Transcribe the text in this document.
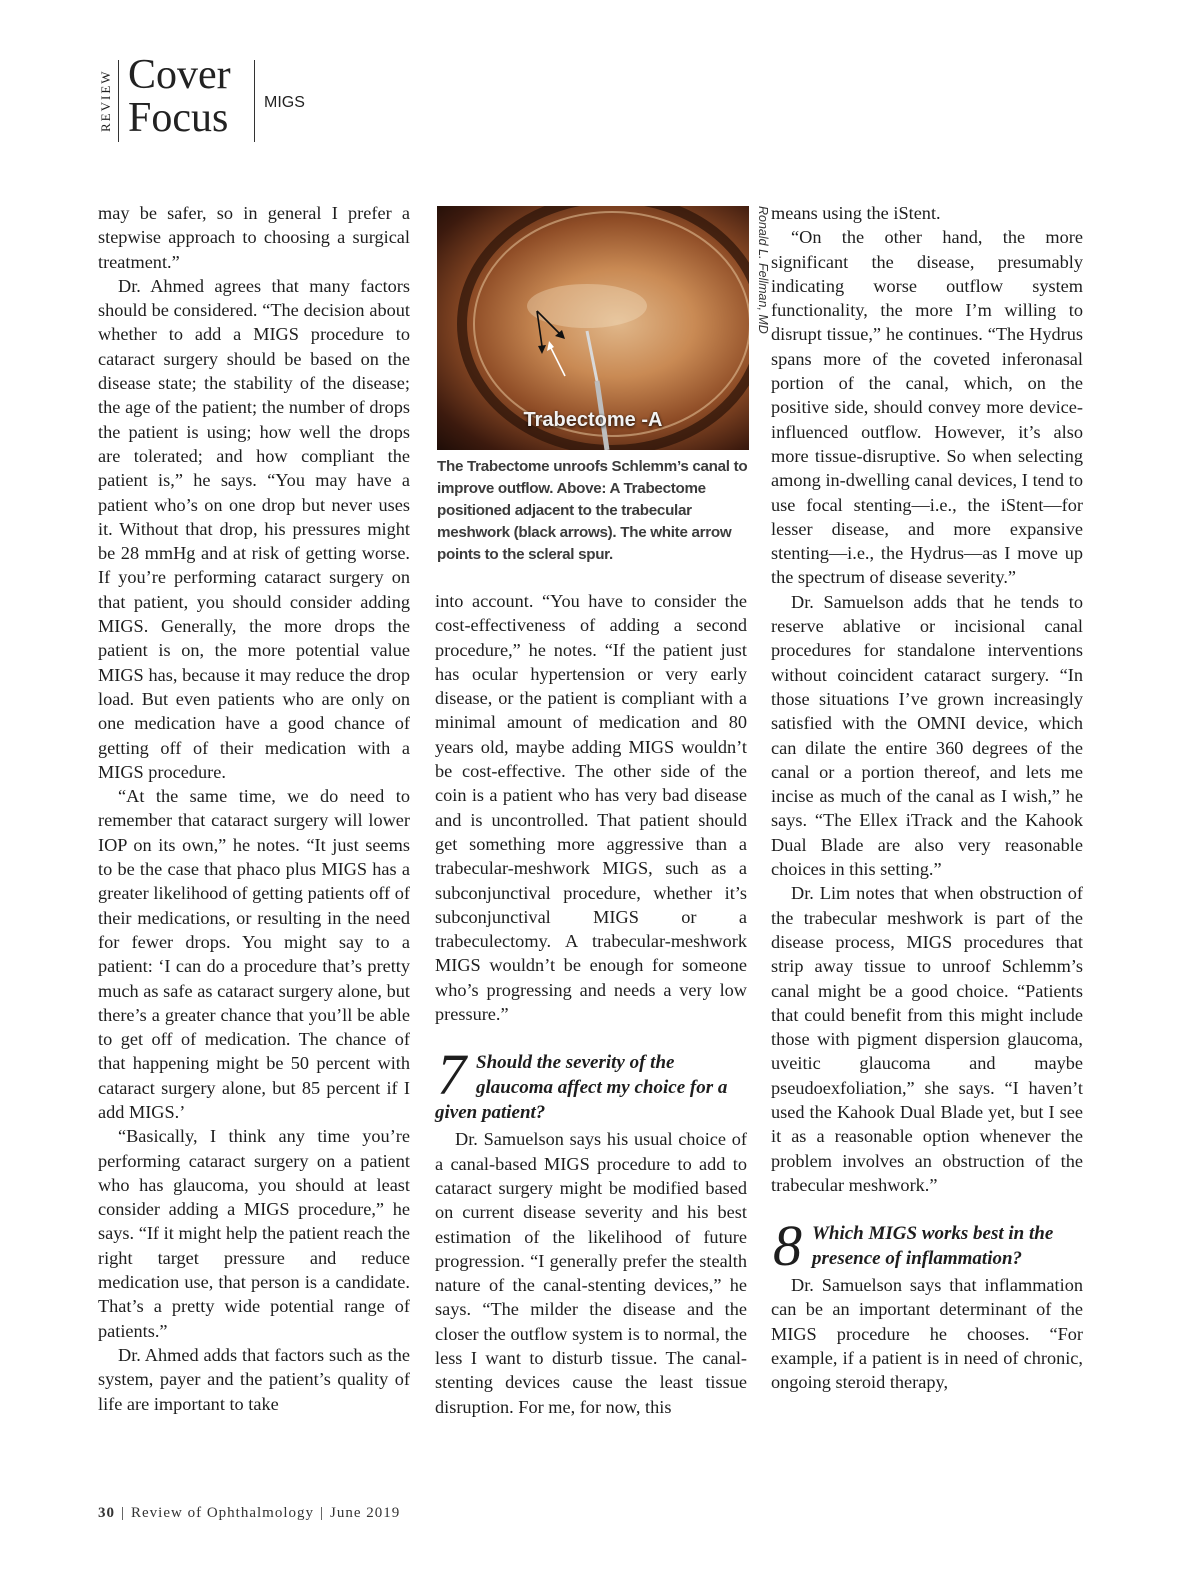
REVIEW Cover
Focus	MIGS

may be safer, so in general I prefer a stepwise approach to choosing a surgical treatment.”

Dr. Ahmed agrees that many factors should be considered. “The decision about whether to add a MIGS procedure to cataract surgery should be based on the disease state; the stability of the disease; the age of the patient; the number of drops the patient is using; how well the drops are tolerated; and how compliant the patient is,” he says. “You may have a patient who’s on one drop but never uses it. Without that drop, his pressures might be 28 mmHg and at risk of getting worse. If you’re performing cataract surgery on that patient, you should consider adding MIGS. Generally, the more drops the patient is on, the more potential value MIGS has, because it may reduce the drop load. But even patients who are only on one medication have a good chance of getting off of their medication with a MIGS procedure.

“At the same time, we do need to remember that cataract surgery will lower IOP on its own,” he notes. “It just seems to be the case that phaco plus MIGS has a greater likelihood of getting patients off of their medications, or resulting in the need for fewer drops. You might say to a patient: ‘I can do a procedure that’s pretty much as safe as cataract surgery alone, but there’s a greater chance that you’ll be able to get off of medication. The chance of that happening might be 50 percent with cataract surgery alone, but 85 percent if I add MIGS.’

“Basically, I think any time you’re performing cataract surgery on a patient who has glaucoma, you should at least consider adding a MIGS procedure,” he says. “If it might help the patient reach the right target pressure and reduce medication use, that person is a candidate. That’s a pretty wide potential range of patients.”

Dr. Ahmed adds that factors such as the system, payer and the patient’s quality of life are important to take

Trabectome -A
The Trabectome unroofs Schlemm’s canal to improve outflow. Above: A Trabectome positioned adjacent to the trabecular meshwork (black arrows). The white arrow points to the scleral spur.
Ronald L. Fellman, MD

into account. “You have to consider the cost-effectiveness of adding a second procedure,” he notes. “If the patient just has ocular hypertension or very early disease, or the patient is compliant with a minimal amount of medication and 80 years old, maybe adding MIGS wouldn’t be cost-effective. The other side of the coin is a patient who has very bad disease and is uncontrolled. That patient should get something more aggressive than a trabecular-meshwork MIGS, such as a subconjunctival procedure, whether it’s subconjunctival MIGS or a trabeculectomy. A trabecular-meshwork MIGS wouldn’t be enough for someone who’s progressing and needs a very low pressure.”

7 Should the severity of the glaucoma affect my choice for a given patient?

Dr. Samuelson says his usual choice of a canal-based MIGS procedure to add to cataract surgery might be modified based on current disease severity and his best estimation of the likelihood of future progression. “I generally prefer the stealth nature of the canal-stenting devices,” he says. “The milder the disease and the closer the outflow system is to normal, the less I want to disturb tissue. The canal-stenting devices cause the least tissue disruption. For me, for now, this

means using the iStent.

“On the other hand, the more significant the disease, presumably indicating worse outflow system functionality, the more I’m willing to disrupt tissue,” he continues. “The Hydrus spans more of the coveted inferonasal portion of the canal, which, on the positive side, should convey more device-influenced outflow. However, it’s also more tissue-disruptive. So when selecting among in-dwelling canal devices, I tend to use focal stenting—i.e., the iStent—for lesser disease, and more expansive stenting—i.e., the Hydrus—as I move up the spectrum of disease severity.”

Dr. Samuelson adds that he tends to reserve ablative or incisional canal procedures for standalone interventions without coincident cataract surgery. “In those situations I’ve grown increasingly satisfied with the OMNI device, which can dilate the entire 360 degrees of the canal or a portion thereof, and lets me incise as much of the canal as I wish,” he says. “The Ellex iTrack and the Kahook Dual Blade are also very reasonable choices in this setting.”

Dr. Lim notes that when obstruction of the trabecular meshwork is part of the disease process, MIGS procedures that strip away tissue to unroof Schlemm’s canal might be a good choice. “Patients that could benefit from this might include those with pigment dispersion glaucoma, uveitic glaucoma and maybe pseudoexfoliation,” she says. “I haven’t used the Kahook Dual Blade yet, but I see it as a reasonable option whenever the problem involves an obstruction of the trabecular meshwork.”

8 Which MIGS works best in the presence of inflammation?

Dr. Samuelson says that inflammation can be an important determinant of the MIGS procedure he chooses. “For example, if a patient is in need of chronic, ongoing steroid therapy,

30 | Review of Ophthalmology | June 2019
